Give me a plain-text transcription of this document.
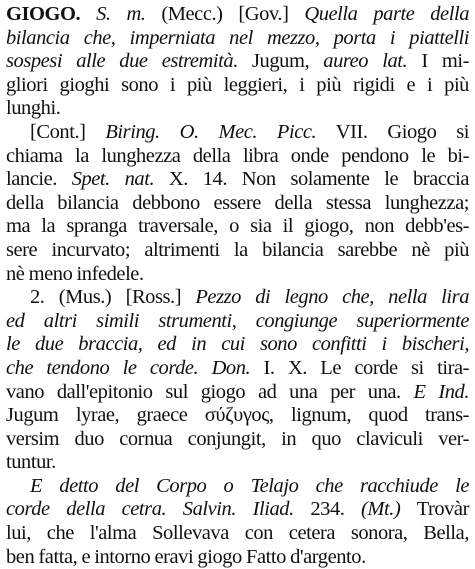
GIOGO. S. m. (Mecc.) [Gov.] Quella parte della
bilancia che, imperniata nel mezzo, porta i piattelli
sospesi alle due estremità. Jugum, aureo lat. I mi-
gliori gioghi sono i più leggieri, i più rigidi e i più
lunghi.
[Cont.] Biring. O. Mec. Picc. VII. Giogo si
chiama la lunghezza della libra onde pendono le bi-
lancie. Spet. nat. X. 14. Non solamente le braccia
della bilancia debbono essere della stessa lunghezza;
ma la spranga traversale, o sia il giogo, non debb'es-
sere incurvato; altrimenti la bilancia sarebbe nè più
nè meno infedele.
2. (Mus.) [Ross.] Pezzo di legno che, nella lira
ed altri simili strumenti, congiunge superiormente
le due braccia, ed in cui sono confitti i bischeri,
che tendono le corde. Don. I. X. Le corde si tira-
vano dall'epitonio sul giogo ad una per una. E Ind.
Jugum lyrae, graece σύζυγος, lignum, quod trans-
versim duo cornua conjungit, in quo claviculi ver-
tuntur.
E detto del Corpo o Telajo che racchiude le
corde della cetra. Salvin. Iliad. 234. (Mt.) Trovàr
lui, che l'alma Sollevava con cetera sonora, Bella,
ben fatta, e intorno eravi giogo Fatto d'argento.
